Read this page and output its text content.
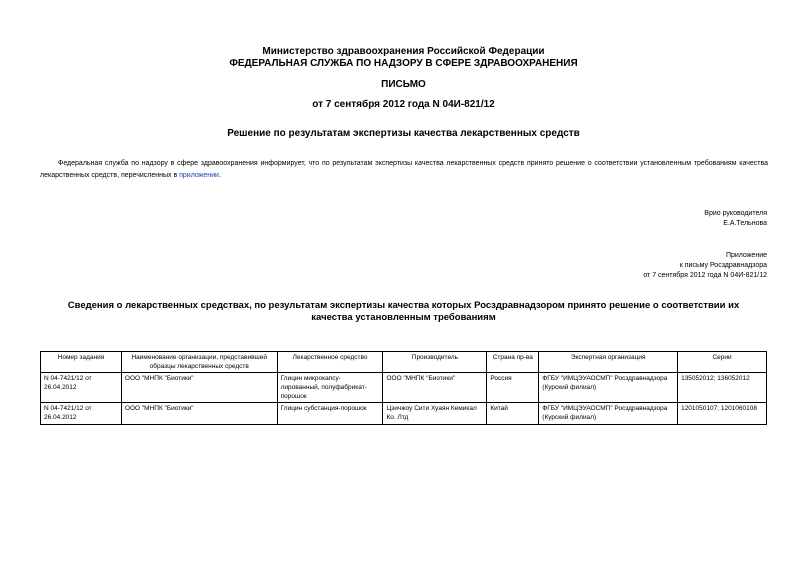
Министерство здравоохранения Российской Федерации
ФЕДЕРАЛЬНАЯ СЛУЖБА ПО НАДЗОРУ В СФЕРЕ ЗДРАВООХРАНЕНИЯ
ПИСЬМО
от 7 сентября 2012 года N 04И-821/12
Решение по результатам экспертизы качества лекарственных средств
Федеральная служба по надзору в сфере здравоохранения информирует, что по результатам экспертизы качества лекарственных средств принято решение о соответствии установленным требованиям качества лекарственных средств, перечисленных в приложении.
Врио руководителя
Е.А.Тельнова
Приложение
к письму Росздравнадзора
от 7 сентября 2012 года N 04И-821/12
Сведения о лекарственных средствах, по результатам экспертизы качества которых Росздравнадзором принято решение о соответствии их качества установленным требованиям
Номер задания	Наименование организации, представившей образцы лекарственных средств	Лекарственное средство	Производитель	Страна пр-ва	Экспертная организация	Серии
N 04-7421/12 от 26.04.2012	ООО "МНПК "Биотики"	Глицин микрокапсу-лированный, полуфабрикат-порошок	ООО "МНПК "Биотики"	Россия	ФГБУ "ИМЦЭУАОСМП" Росздравнадзора (Курский филиал)	135052012; 136052012
N 04-7421/12 от 26.04.2012	ООО "МНПК "Биотики"	Глицин субстанция-порошок	Цзичжоу Сити Хуаян Кемикал Ко. Лтд	Китай	ФГБУ "ИМЦЭУАОСМП" Росздравнадзора (Курский филиал)	1201050107; 1201060108
